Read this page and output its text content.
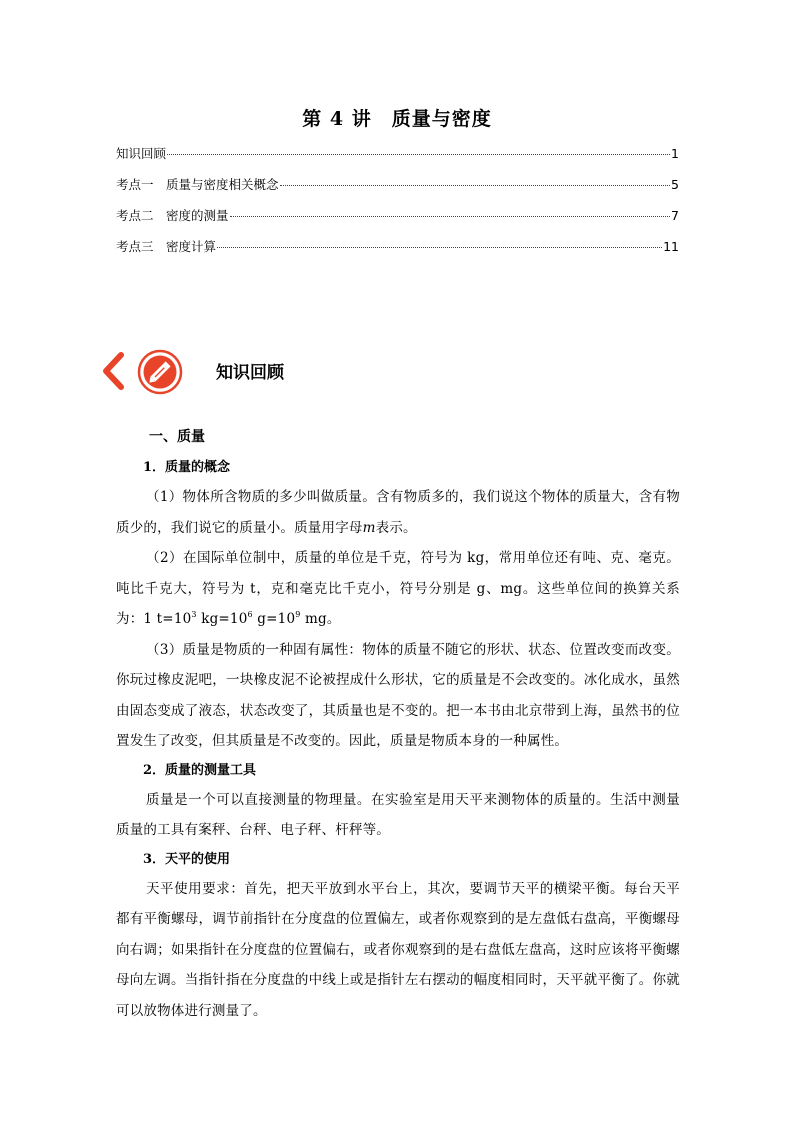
第 4 讲　质量与密度
知识回顾	1
考点一　质量与密度相关概念	5
考点二　密度的测量	7
考点三　密度计算	11
知识回顾
一、质量
1．质量的概念

（1）物体所含物质的多少叫做质量。含有物质多的，我们说这个物体的质量大，含有物质少的，我们说它的质量小。质量用字母m表示。

（2）在国际单位制中，质量的单位是千克，符号为 kg，常用单位还有吨、克、毫克。吨比千克大，符号为 t，克和毫克比千克小，符号分别是 g、mg。这些单位间的换算关系为：1 $t=10^3$ $kg=10^6$ $g=10^9$ mg。

（3）质量是物质的一种固有属性：物体的质量不随它的形状、状态、位置改变而改变。你玩过橡皮泥吧，一块橡皮泥不论被捏成什么形状，它的质量是不会改变的。冰化成水，虽然由固态变成了液态，状态改变了，其质量也是不变的。把一本书由北京带到上海，虽然书的位置发生了改变，但其质量是不改变的。因此，质量是物质本身的一种属性。

2．质量的测量工具

质量是一个可以直接测量的物理量。在实验室是用天平来测物体的质量的。生活中测量质量的工具有案秤、台秤、电子秤、杆秤等。

3．天平的使用

天平使用要求：首先，把天平放到水平台上，其次，要调节天平的横梁平衡。每台天平都有平衡螺母，调节前指针在分度盘的位置偏左，或者你观察到的是左盘低右盘高，平衡螺母向右调；如果指针在分度盘的位置偏右，或者你观察到的是右盘低左盘高，这时应该将平衡螺母向左调。当指针指在分度盘的中线上或是指针左右摆动的幅度相同时，天平就平衡了。你就可以放物体进行测量了。
